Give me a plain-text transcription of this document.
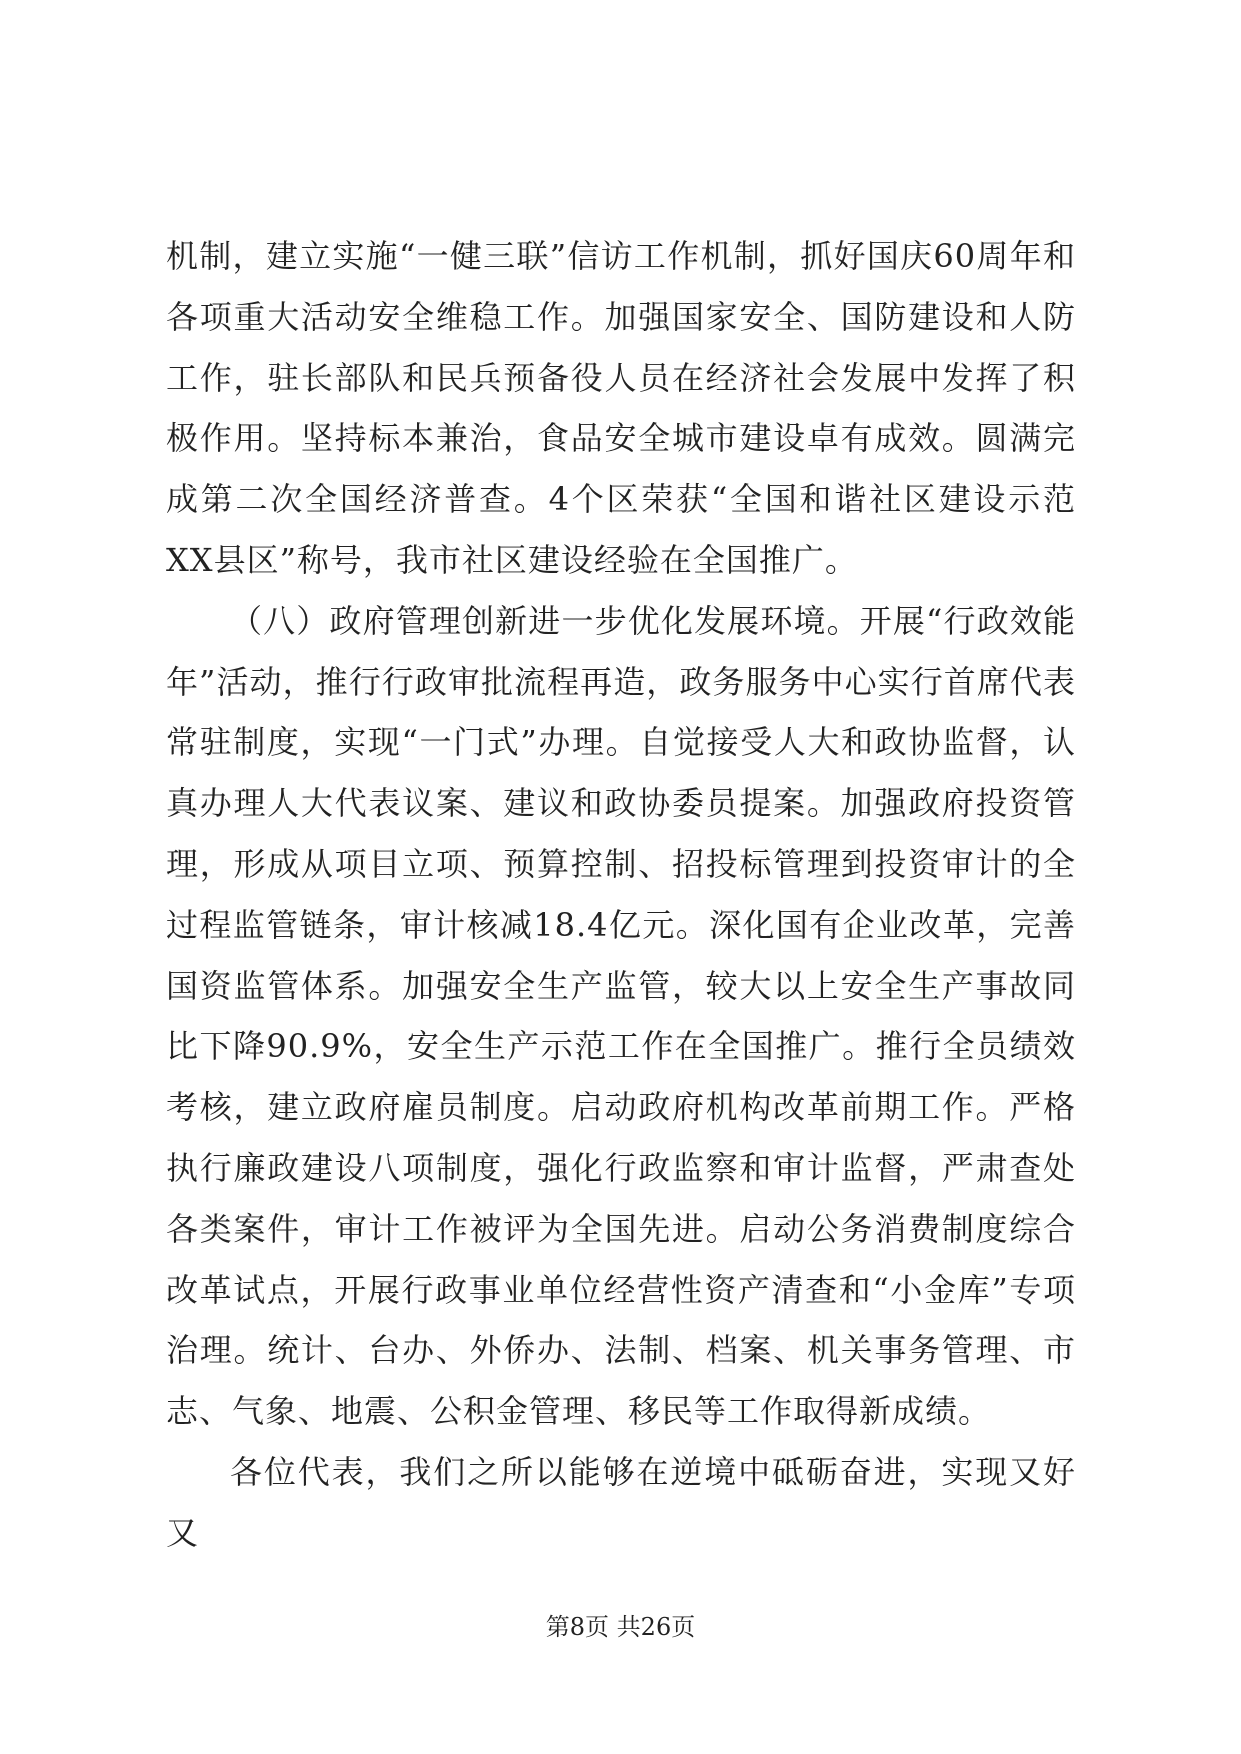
机制，建立实施“一健三联”信访工作机制，抓好国庆60周年和各项重大活动安全维稳工作。加强国家安全、国防建设和人防工作，驻长部队和民兵预备役人员在经济社会发展中发挥了积极作用。坚持标本兼治，食品安全城市建设卓有成效。圆满完成第二次全国经济普查。4个区荣获“全国和谐社区建设示范XX县区”称号，我市社区建设经验在全国推广。

（八）政府管理创新进一步优化发展环境。开展“行政效能年”活动，推行行政审批流程再造，政务服务中心实行首席代表常驻制度，实现“一门式”办理。自觉接受人大和政协监督，认真办理人大代表议案、建议和政协委员提案。加强政府投资管理，形成从项目立项、预算控制、招投标管理到投资审计的全过程监管链条，审计核减18.4亿元。深化国有企业改革，完善国资监管体系。加强安全生产监管，较大以上安全生产事故同比下降90.9%，安全生产示范工作在全国推广。推行全员绩效考核，建立政府雇员制度。启动政府机构改革前期工作。严格执行廉政建设八项制度，强化行政监察和审计监督，严肃查处各类案件，审计工作被评为全国先进。启动公务消费制度综合改革试点，开展行政事业单位经营性资产清查和“小金库”专项治理。统计、台办、外侨办、法制、档案、机关事务管理、市志、气象、地震、公积金管理、移民等工作取得新成绩。

各位代表，我们之所以能够在逆境中砥砺奋进，实现又好又

第8页 共26页
